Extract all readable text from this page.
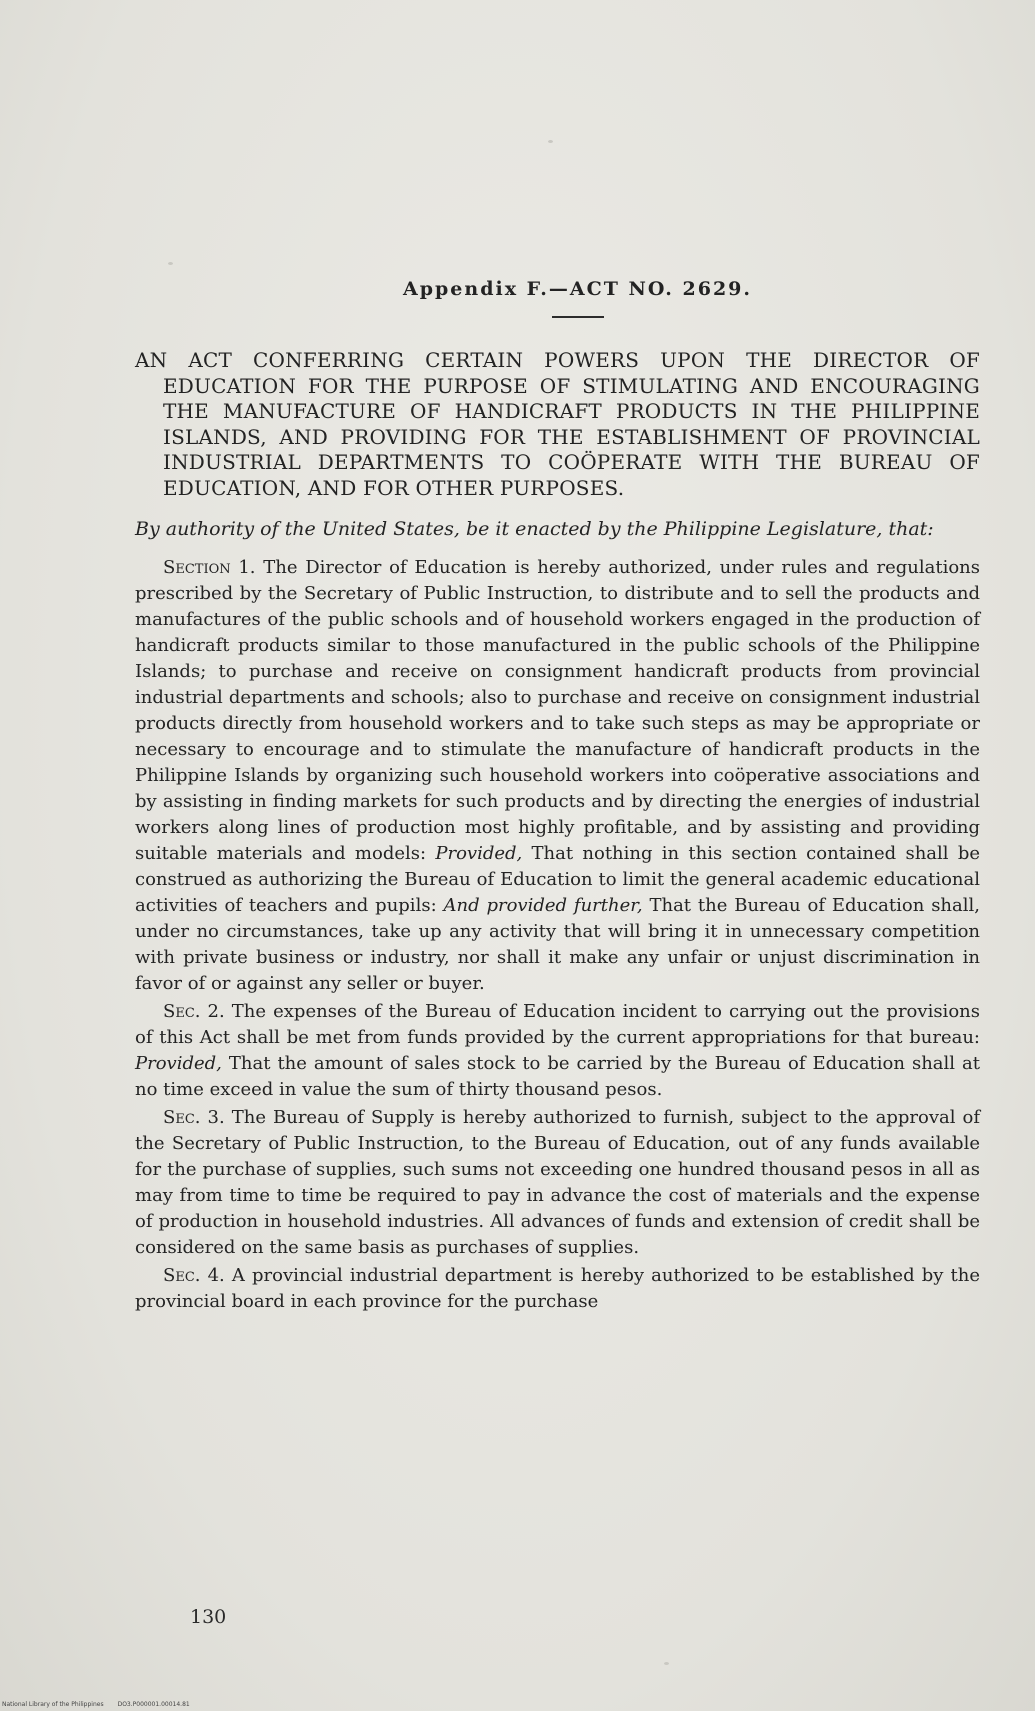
Appendix F.—ACT NO. 2629.

AN ACT CONFERRING CERTAIN POWERS UPON THE DIRECTOR OF EDUCATION FOR THE PURPOSE OF STIMULATING AND ENCOURAGING THE MANUFACTURE OF HANDICRAFT PRODUCTS IN THE PHILIPPINE ISLANDS, AND PROVIDING FOR THE ESTABLISHMENT OF PROVINCIAL INDUSTRIAL DEPARTMENTS TO COÖPERATE WITH THE BUREAU OF EDUCATION, AND FOR OTHER PURPOSES.

By authority of the United States, be it enacted by the Philippine Legislature, that:

Section 1. The Director of Education is hereby authorized, under rules and regulations prescribed by the Secretary of Public Instruction, to distribute and to sell the products and manufactures of the public schools and of household workers engaged in the production of handicraft products similar to those manufactured in the public schools of the Philippine Islands; to purchase and receive on consignment handicraft products from provincial industrial departments and schools; also to purchase and receive on consignment industrial products directly from household workers and to take such steps as may be appropriate or necessary to encourage and to stimulate the manufacture of handicraft products in the Philippine Islands by organizing such household workers into coöperative associations and by assisting in finding markets for such products and by directing the energies of industrial workers along lines of production most highly profitable, and by assisting and providing suitable materials and models: Provided, That nothing in this section contained shall be construed as authorizing the Bureau of Education to limit the general academic educational activities of teachers and pupils: And provided further, That the Bureau of Education shall, under no circumstances, take up any activity that will bring it in unnecessary competition with private business or industry, nor shall it make any unfair or unjust discrimination in favor of or against any seller or buyer.

Sec. 2. The expenses of the Bureau of Education incident to carrying out the provisions of this Act shall be met from funds provided by the current appropriations for that bureau: Provided, That the amount of sales stock to be carried by the Bureau of Education shall at no time exceed in value the sum of thirty thousand pesos.

Sec. 3. The Bureau of Supply is hereby authorized to furnish, subject to the approval of the Secretary of Public Instruction, to the Bureau of Education, out of any funds available for the purchase of supplies, such sums not exceeding one hundred thousand pesos in all as may from time to time be required to pay in advance the cost of materials and the expense of production in household industries. All advances of funds and extension of credit shall be considered on the same basis as purchases of supplies.

Sec. 4. A provincial industrial department is hereby authorized to be established by the provincial board in each province for the purchase

130
National Library of the Philippines DO3.P000001.00014.81
